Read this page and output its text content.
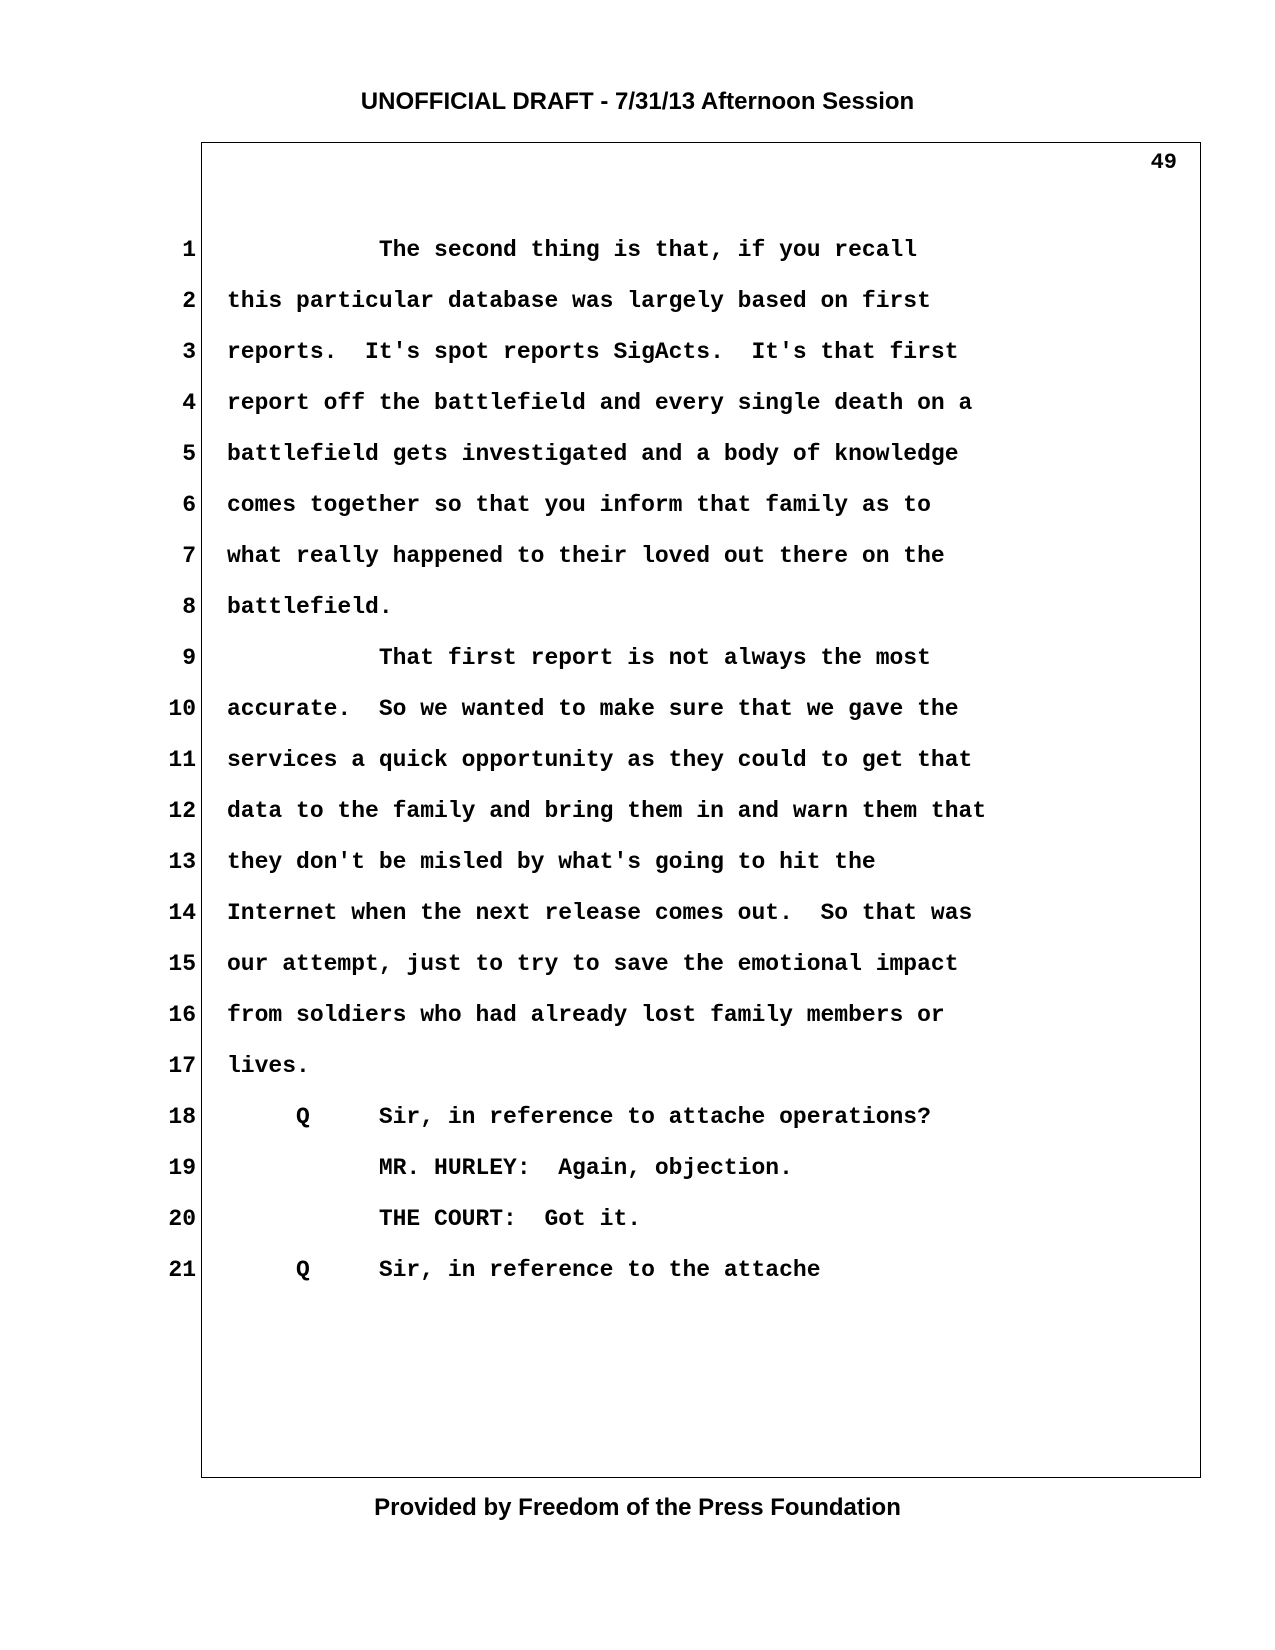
UNOFFICIAL DRAFT - 7/31/13 Afternoon Session
49
1 The second thing is that, if you recall
2 this particular database was largely based on first
3 reports.  It's spot reports SigActs.  It's that first
4 report off the battlefield and every single death on a
5 battlefield gets investigated and a body of knowledge
6 comes together so that you inform that family as to
7 what really happened to their loved out there on the
8 battlefield.
9 That first report is not always the most
10 accurate.  So we wanted to make sure that we gave the
11 services a quick opportunity as they could to get that
12 data to the family and bring them in and warn them that
13 they don't be misled by what's going to hit the
14 Internet when the next release comes out.  So that was
15 our attempt, just to try to save the emotional impact
16 from soldiers who had already lost family members or
17 lives.
18 Q     Sir, in reference to attache operations?
19 MR. HURLEY:  Again, objection.
20 THE COURT:  Got it.
21 Q     Sir, in reference to the attache
Provided by Freedom of the Press Foundation
